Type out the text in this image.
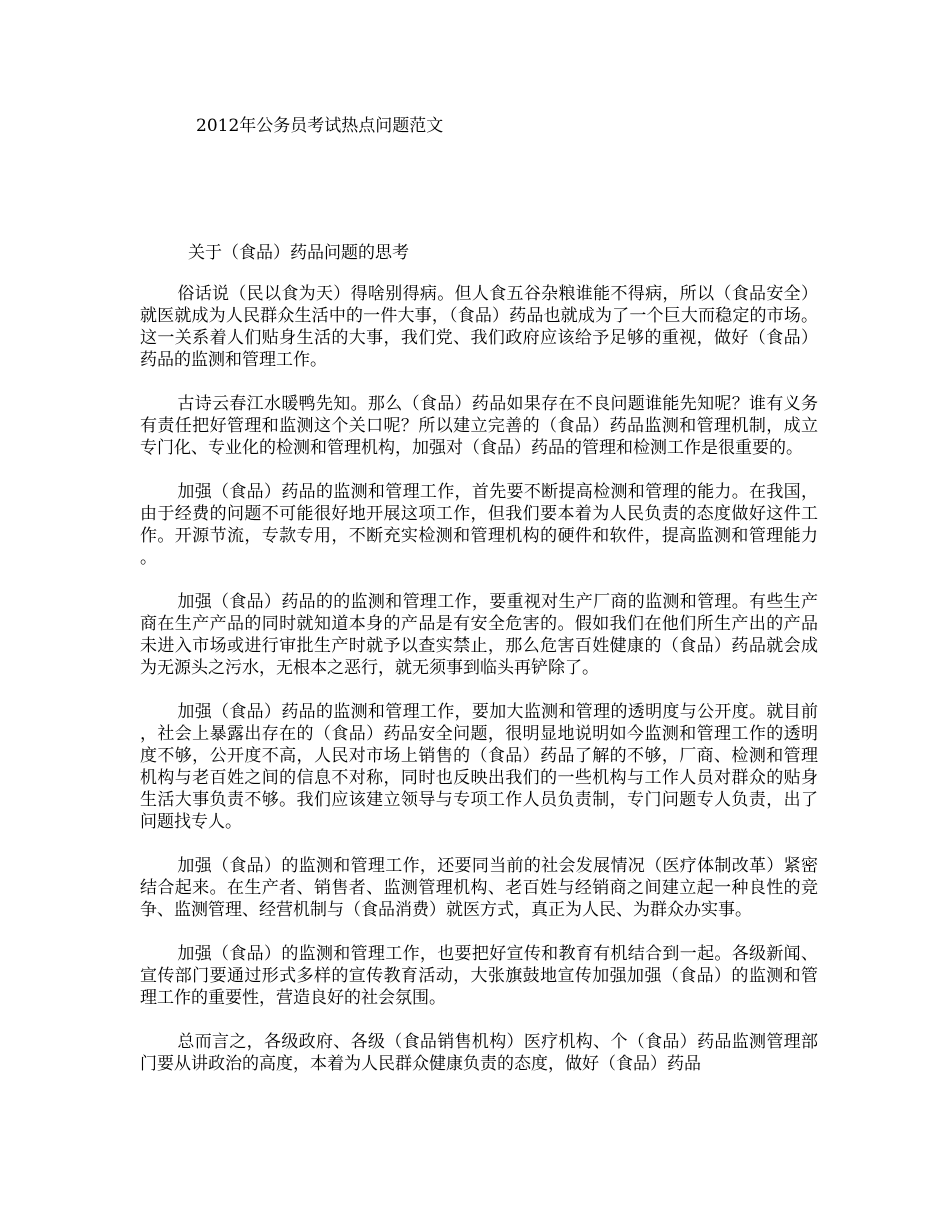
2012年公务员考试热点问题范文
关于（食品）药品问题的思考

俗话说（民以食为天）得啥别得病。但人食五谷杂粮谁能不得病，所以（食品安全）就医就成为人民群众生活中的一件大事，（食品）药品也就成为了一个巨大而稳定的市场。这一关系着人们贴身生活的大事，我们党、我们政府应该给予足够的重视，做好（食品）药品的监测和管理工作。

古诗云春江水暖鸭先知。那么（食品）药品如果存在不良问题谁能先知呢？谁有义务有责任把好管理和监测这个关口呢？所以建立完善的（食品）药品监测和管理机制，成立专门化、专业化的检测和管理机构，加强对（食品）药品的管理和检测工作是很重要的。

加强（食品）药品的监测和管理工作，首先要不断提高检测和管理的能力。在我国，由于经费的问题不可能很好地开展这项工作，但我们要本着为人民负责的态度做好这件工作。开源节流，专款专用，不断充实检测和管理机构的硬件和软件，提高监测和管理能力。

加强（食品）药品的的监测和管理工作，要重视对生产厂商的监测和管理。有些生产商在生产产品的同时就知道本身的产品是有安全危害的。假如我们在他们所生产出的产品未进入市场或进行审批生产时就予以查实禁止，那么危害百姓健康的（食品）药品就会成为无源头之污水，无根本之恶行，就无须事到临头再铲除了。

加强（食品）药品的监测和管理工作，要加大监测和管理的透明度与公开度。就目前，社会上暴露出存在的（食品）药品安全问题，很明显地说明如今监测和管理工作的透明度不够，公开度不高，人民对市场上销售的（食品）药品了解的不够，厂商、检测和管理机构与老百姓之间的信息不对称，同时也反映出我们的一些机构与工作人员对群众的贴身生活大事负责不够。我们应该建立领导与专项工作人员负责制，专门问题专人负责，出了问题找专人。

加强（食品）的监测和管理工作，还要同当前的社会发展情况（医疗体制改革）紧密结合起来。在生产者、销售者、监测管理机构、老百姓与经销商之间建立起一种良性的竞争、监测管理、经营机制与（食品消费）就医方式，真正为人民、为群众办实事。

加强（食品）的监测和管理工作，也要把好宣传和教育有机结合到一起。各级新闻、宣传部门要通过形式多样的宣传教育活动，大张旗鼓地宣传加强加强（食品）的监测和管理工作的重要性，营造良好的社会氛围。

总而言之，各级政府、各级（食品销售机构）医疗机构、个（食品）药品监测管理部门要从讲政治的高度，本着为人民群众健康负责的态度，做好（食品）药品
